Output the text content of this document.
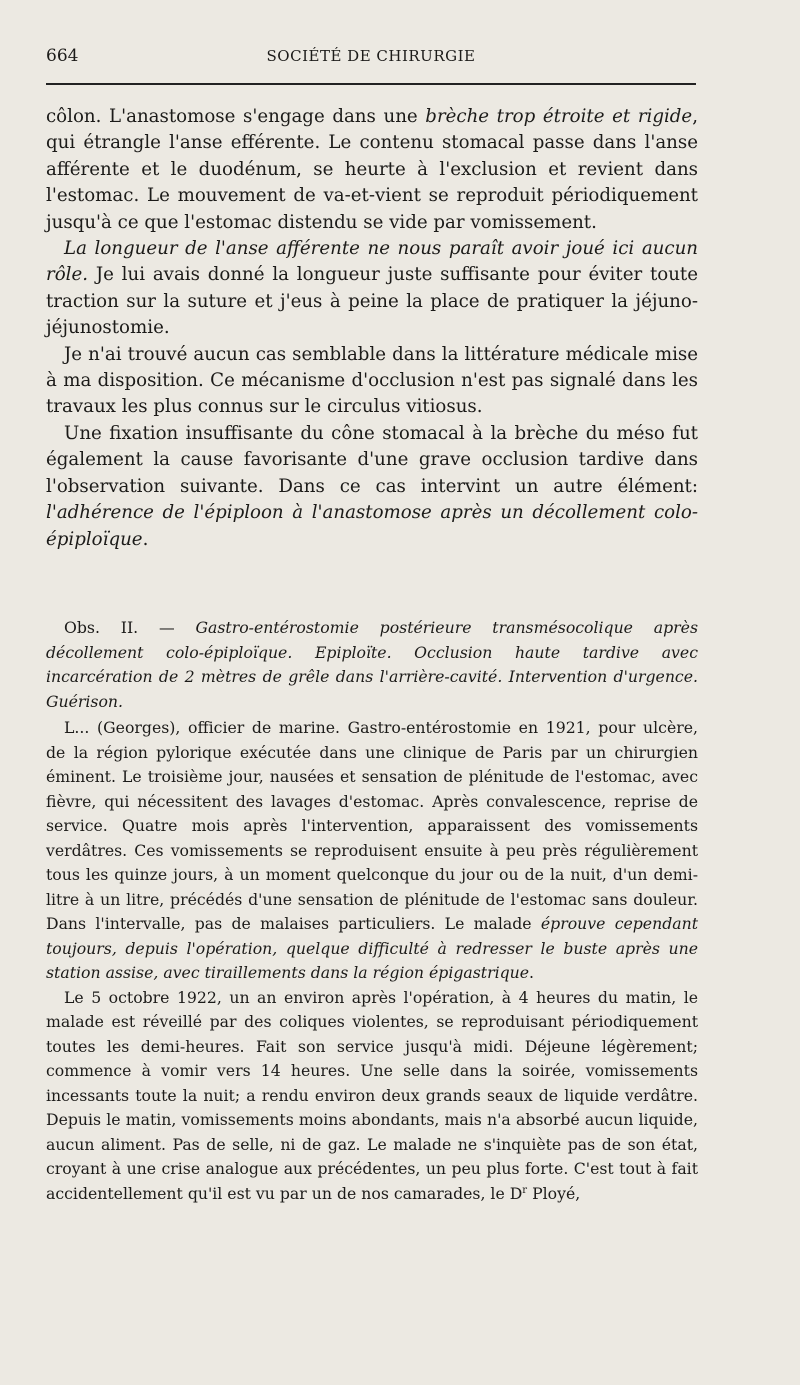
664	SOCIÉTÉ DE CHIRURGIE

côlon. L'anastomose s'engage dans une brèche trop étroite et rigide, qui étrangle l'anse efférente. Le contenu stomacal passe dans l'anse afférente et le duodénum, se heurte à l'exclusion et revient dans l'estomac. Le mouvement de va-et-vient se reproduit périodiquement jusqu'à ce que l'estomac distendu se vide par vomissement.

La longueur de l'anse afférente ne nous paraît avoir joué ici aucun rôle. Je lui avais donné la longueur juste suffisante pour éviter toute traction sur la suture et j'eus à peine la place de pratiquer la jéjuno-jéjunostomie.

Je n'ai trouvé aucun cas semblable dans la littérature médicale mise à ma disposition. Ce mécanisme d'occlusion n'est pas signalé dans les travaux les plus connus sur le circulus vitiosus.

Une fixation insuffisante du cône stomacal à la brèche du méso fut également la cause favorisante d'une grave occlusion tardive dans l'observation suivante. Dans ce cas intervint un autre élément: l'adhérence de l'épiploon à l'anastomose après un décollement colo-épiploïque.

Obs. II. — Gastro-entérostomie postérieure transmésocolique après décollement colo-épiploïque. Epiploïte. Occlusion haute tardive avec incarcération de 2 mètres de grêle dans l'arrière-cavité. Intervention d'urgence. Guérison.

L... (Georges), officier de marine. Gastro-entérostomie en 1921, pour ulcère, de la région pylorique exécutée dans une clinique de Paris par un chirurgien éminent. Le troisième jour, nausées et sensation de plénitude de l'estomac, avec fièvre, qui nécessitent des lavages d'estomac. Après convalescence, reprise de service. Quatre mois après l'intervention, apparaissent des vomissements verdâtres. Ces vomissements se reproduisent ensuite à peu près régulièrement tous les quinze jours, à un moment quelconque du jour ou de la nuit, d'un demi-litre à un litre, précédés d'une sensation de plénitude de l'estomac sans douleur. Dans l'intervalle, pas de malaises particuliers. Le malade éprouve cependant toujours, depuis l'opération, quelque difficulté à redresser le buste après une station assise, avec tiraillements dans la région épigastrique.

Le 5 octobre 1922, un an environ après l'opération, à 4 heures du matin, le malade est réveillé par des coliques violentes, se reproduisant périodiquement toutes les demi-heures. Fait son service jusqu'à midi. Déjeune légèrement; commence à vomir vers 14 heures. Une selle dans la soirée, vomissements incessants toute la nuit; a rendu environ deux grands seaux de liquide verdâtre. Depuis le matin, vomissements moins abondants, mais n'a absorbé aucun liquide, aucun aliment. Pas de selle, ni de gaz. Le malade ne s'inquiète pas de son état, croyant à une crise analogue aux précédentes, un peu plus forte. C'est tout à fait accidentellement qu'il est vu par un de nos camarades, le $D^r$ Ployé,
